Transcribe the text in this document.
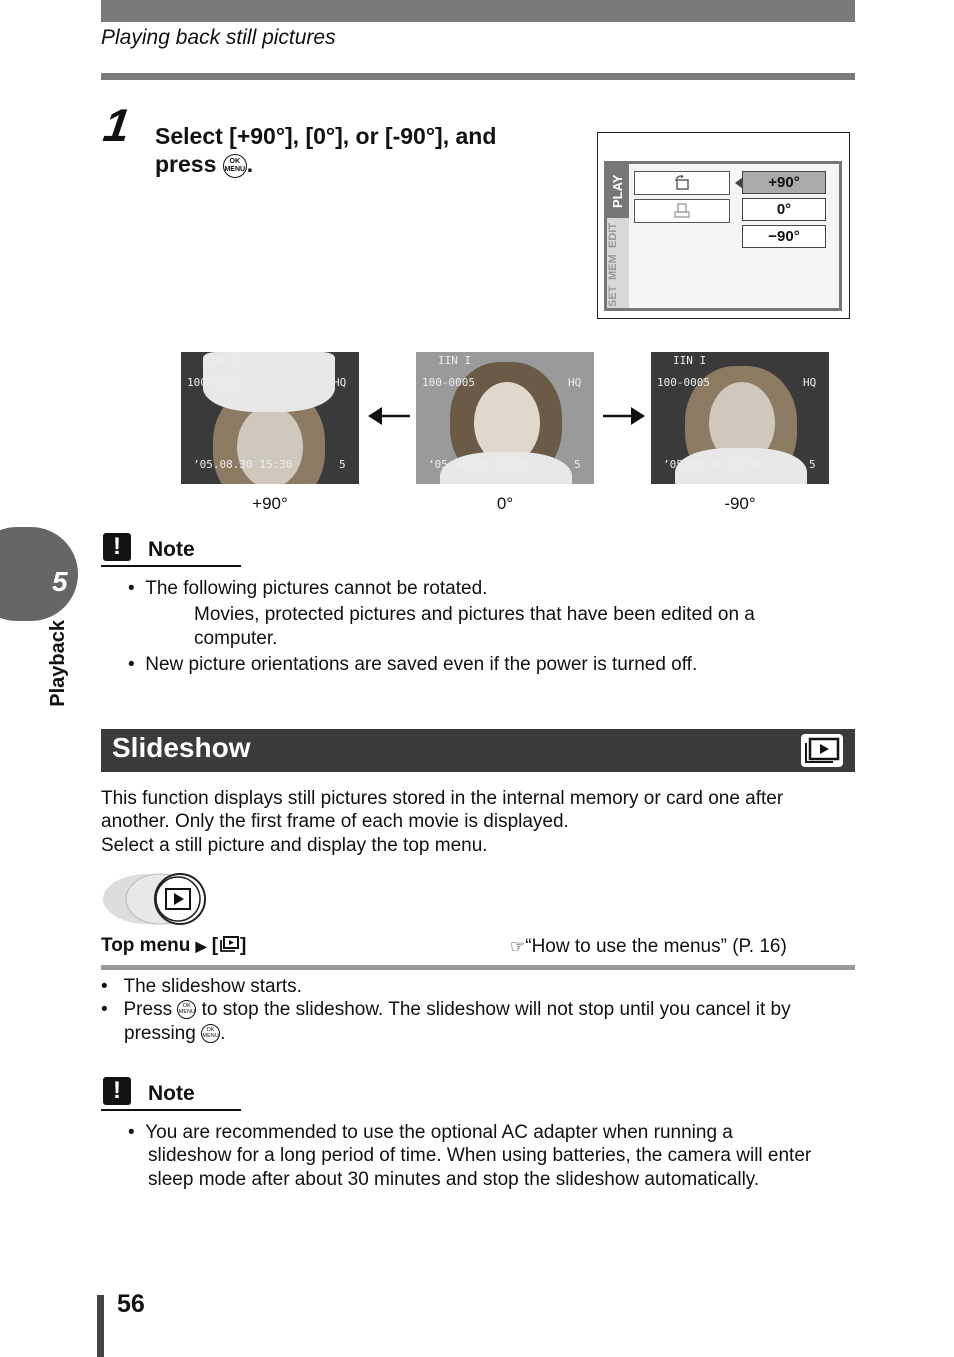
Playing back still pictures
1 Select [+90°], [0°], or [-90°], and
press OK
MENU.
PLAY
EDIT
MEM
SET
+90°
0°
−90°
IIN I
100-0005	HQ
’05.08.30 15:30	5
IIN I
100-0005	HQ
’05.08.30 15:30	5
IIN I
100-0005	HQ
’05.08.30 15:30	5
+90°	0°	-90°
!	Note
•  The following pictures cannot be rotated.
Movies, protected pictures and pictures that have been edited on a
computer.
•  New picture orientations are saved even if the power is turned off.
Slideshow
This function displays still pictures stored in the internal memory or card one after
another. Only the first frame of each movie is displayed.
Select a still picture and display the top menu.
Top menu ▶ [ ]	☞“How to use the menus” (P. 16)
•   The slideshow starts.
•   Press OK
MENU to stop the slideshow. The slideshow will not stop until you cancel it by
pressing OK
MENU.
!	Note
•  You are recommended to use the optional AC adapter when running a
slideshow for a long period of time. When using batteries, the camera will enter
sleep mode after about 30 minutes and stop the slideshow automatically.
5
Playback
56
